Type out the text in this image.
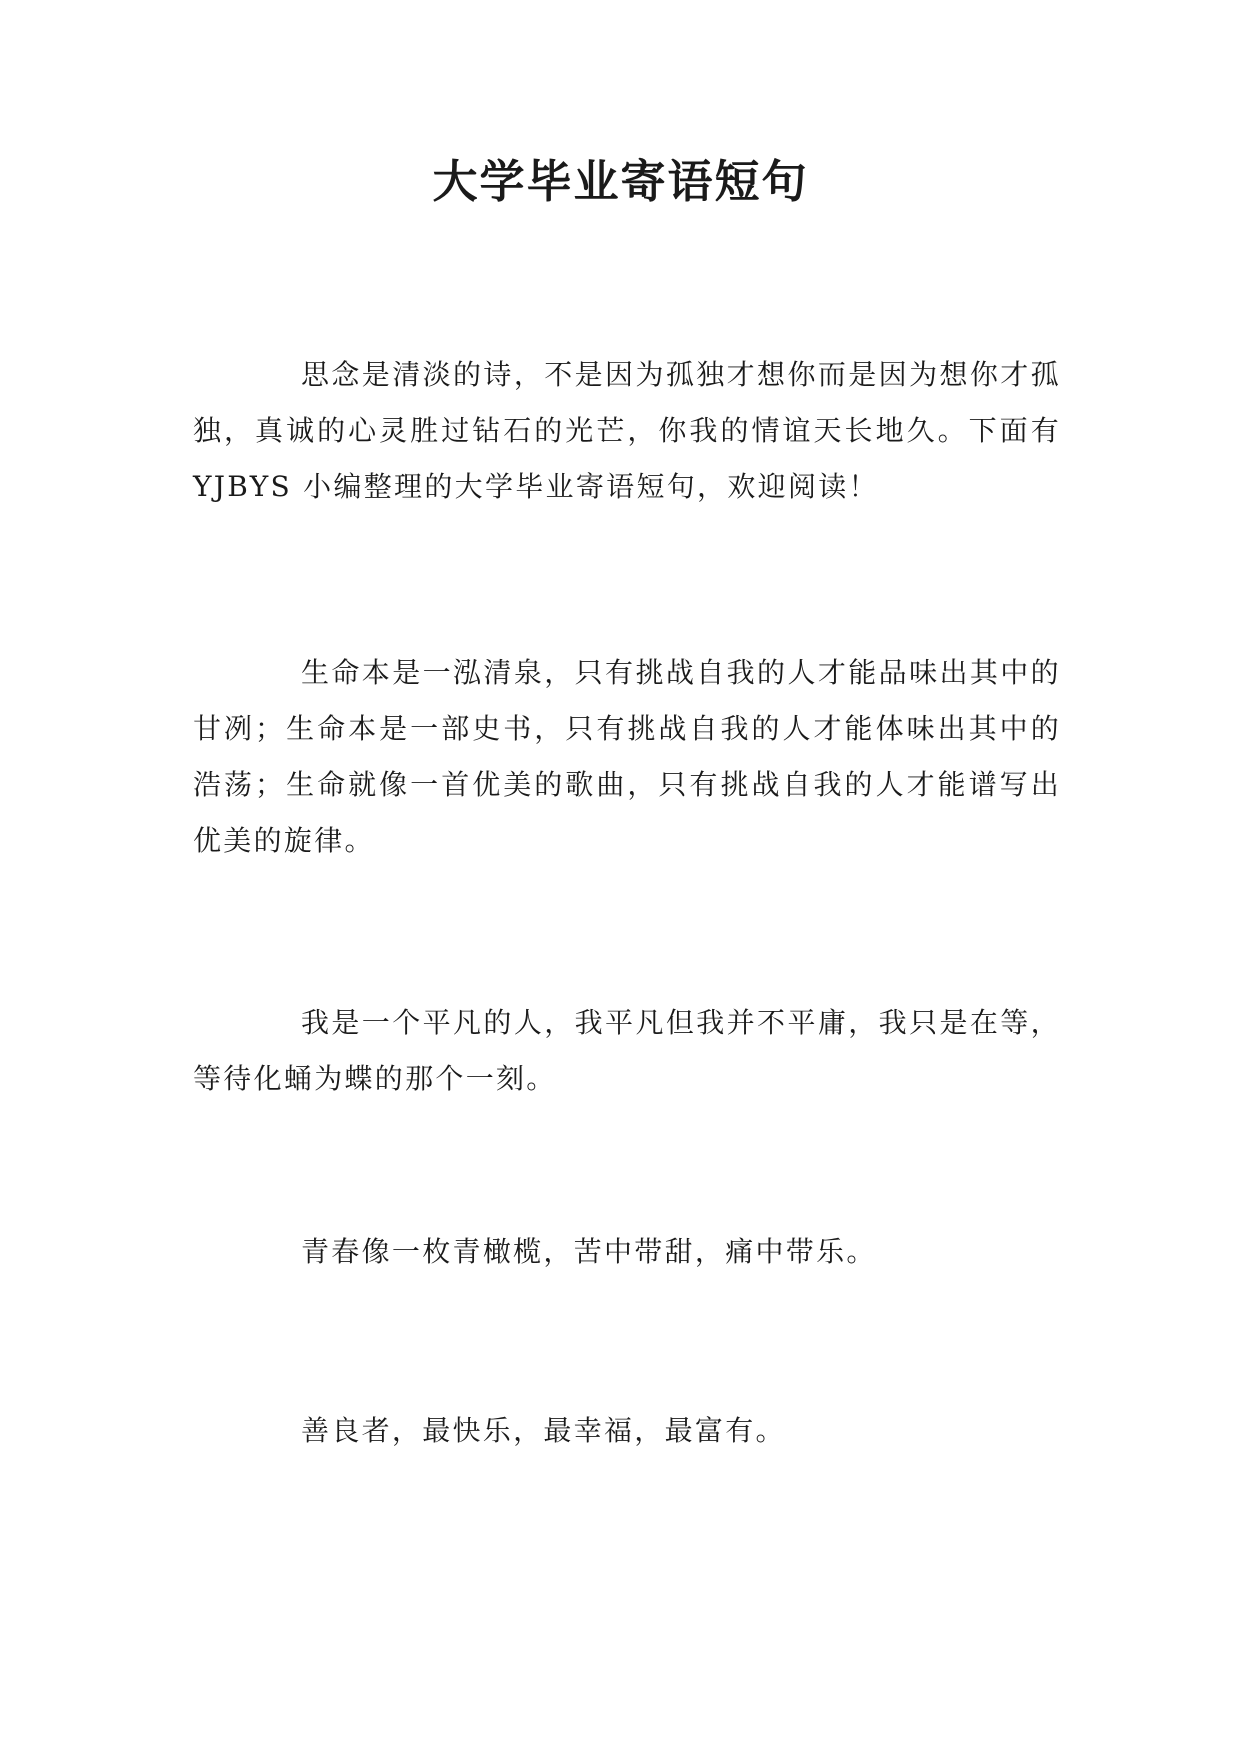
大学毕业寄语短句

思念是清淡的诗，不是因为孤独才想你而是因为想你才孤独，真诚的心灵胜过钻石的光芒，你我的情谊天长地久。下面有 YJBYS 小编整理的大学毕业寄语短句，欢迎阅读！

生命本是一泓清泉，只有挑战自我的人才能品味出其中的甘冽；生命本是一部史书，只有挑战自我的人才能体味出其中的浩荡；生命就像一首优美的歌曲，只有挑战自我的人才能谱写出优美的旋律。

我是一个平凡的人，我平凡但我并不平庸，我只是在等，等待化蛹为蝶的那个一刻。

青春像一枚青橄榄，苦中带甜，痛中带乐。

善良者，最快乐，最幸福，最富有。
